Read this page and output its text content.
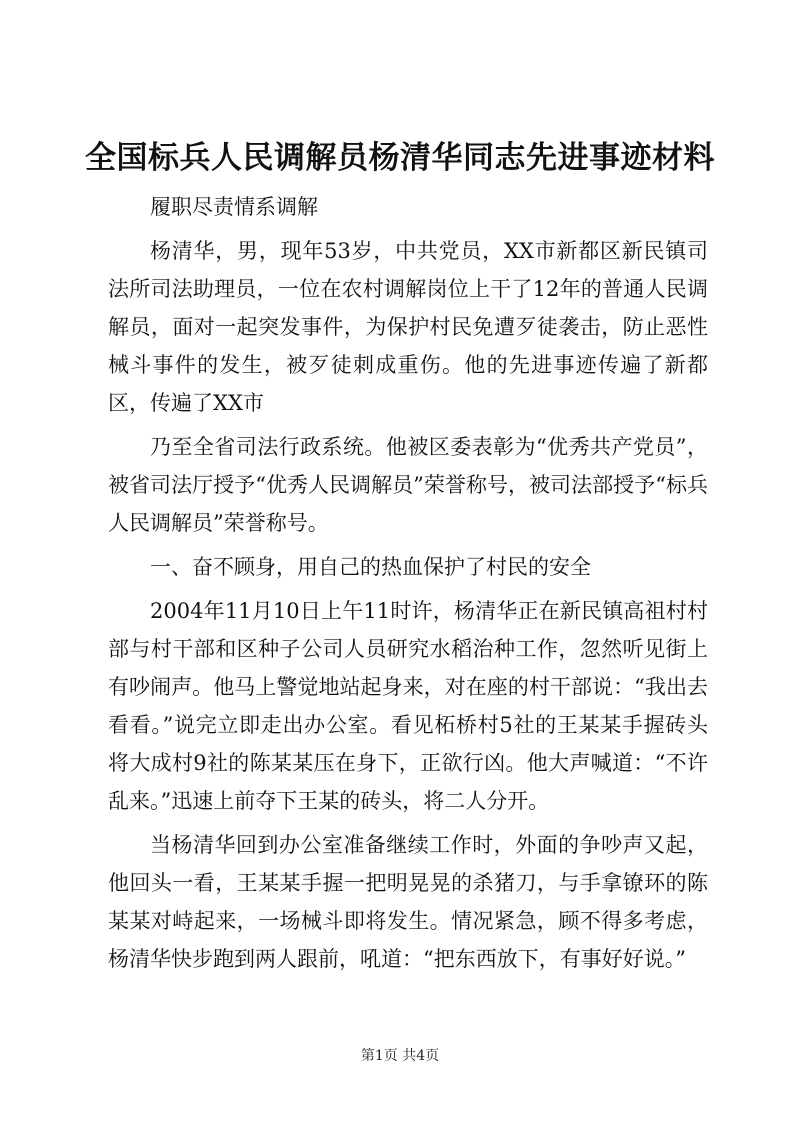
全国标兵人民调解员杨清华同志先进事迹材料

履职尽责情系调解

杨清华，男，现年53岁，中共党员，XX市新都区新民镇司法所司法助理员，一位在农村调解岗位上干了12年的普通人民调解员，面对一起突发事件，为保护村民免遭歹徒袭击，防止恶性械斗事件的发生，被歹徒刺成重伤。他的先进事迹传遍了新都区，传遍了XX市

乃至全省司法行政系统。他被区委表彰为“优秀共产党员”，被省司法厅授予“优秀人民调解员”荣誉称号，被司法部授予“标兵人民调解员”荣誉称号。

一、奋不顾身，用自己的热血保护了村民的安全

2004年11月10日上午11时许，杨清华正在新民镇高祖村村部与村干部和区种子公司人员研究水稻治种工作，忽然听见街上有吵闹声。他马上警觉地站起身来，对在座的村干部说：“我出去看看。”说完立即走出办公室。看见柘桥村5社的王某某手握砖头将大成村9社的陈某某压在身下，正欲行凶。他大声喊道：“不许乱来。”迅速上前夺下王某的砖头，将二人分开。

当杨清华回到办公室准备继续工作时，外面的争吵声又起，他回头一看，王某某手握一把明晃晃的杀猪刀，与手拿镣环的陈某某对峙起来，一场械斗即将发生。情况紧急，顾不得多考虑，杨清华快步跑到两人跟前，吼道：“把东西放下，有事好好说。”

第1页 共4页
